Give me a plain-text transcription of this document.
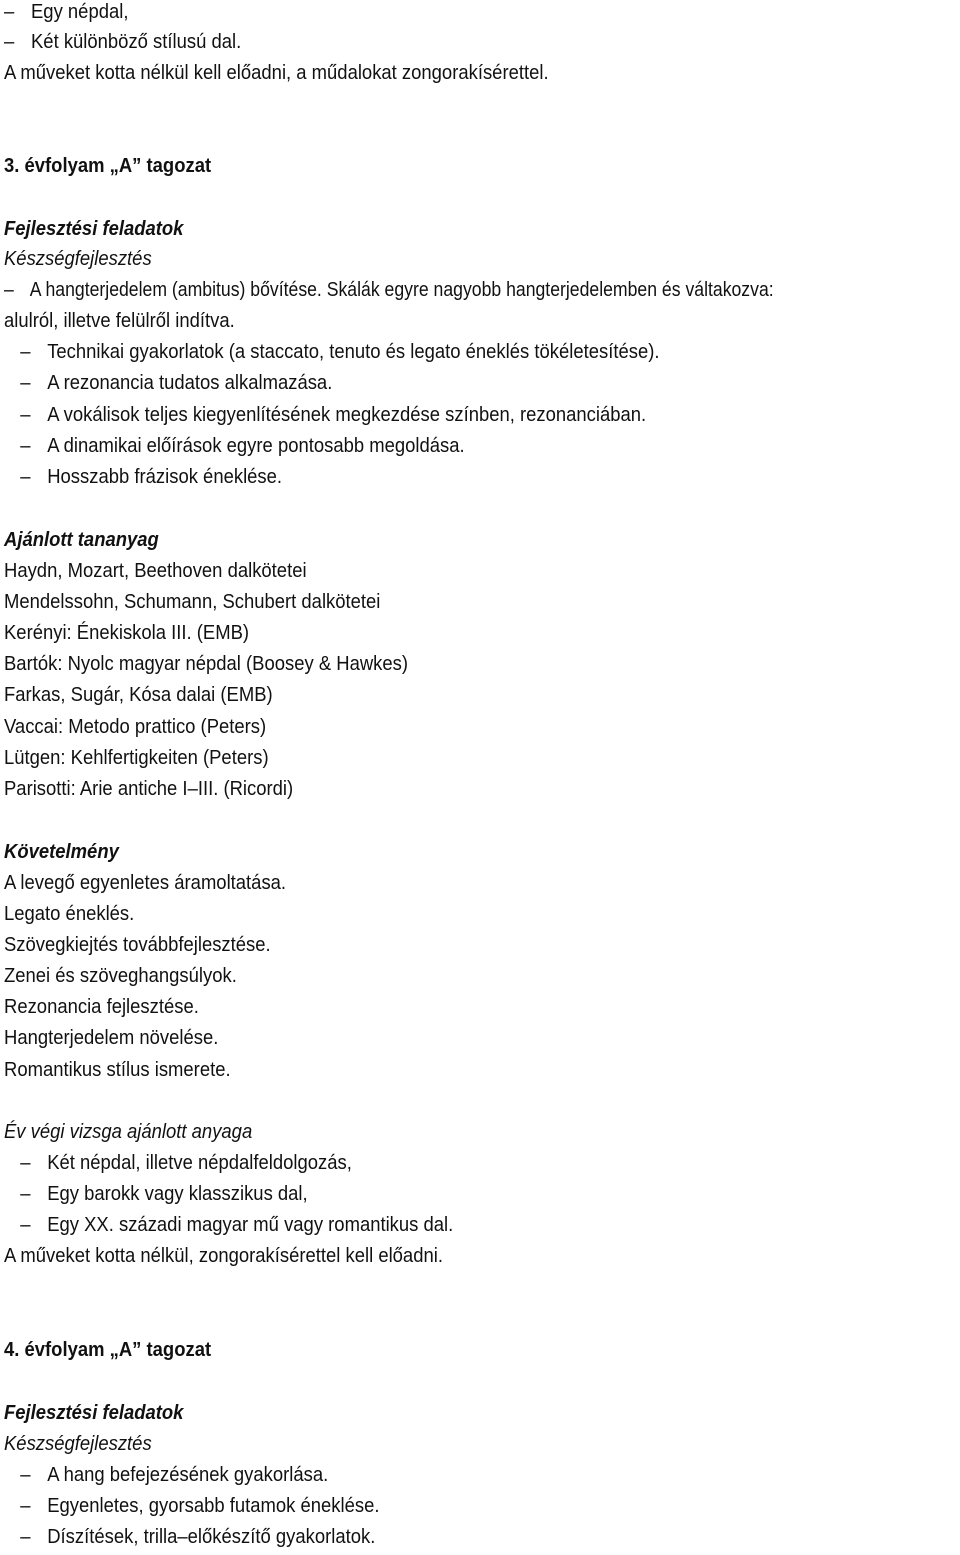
– Egy népdal,
– Két különböző stílusú dal.
A műveket kotta nélkül kell előadni, a műdalokat zongorakísérettel.
3. évfolyam „A” tagozat
Fejlesztési feladatok
Készségfejlesztés
– A hangterjedelem (ambitus) bővítése. Skálák egyre nagyobb hangterjedelemben és váltakozva:
alulról, illetve felülről indítva.
– Technikai gyakorlatok (a staccato, tenuto és legato éneklés tökéletesítése).
– A rezonancia tudatos alkalmazása.
– A vokálisok teljes kiegyenlítésének megkezdése színben, rezonanciában.
– A dinamikai előírások egyre pontosabb megoldása.
– Hosszabb frázisok éneklése.
Ajánlott tananyag
Haydn, Mozart, Beethoven dalkötetei
Mendelssohn, Schumann, Schubert dalkötetei
Kerényi: Énekiskola III. (EMB)
Bartók: Nyolc magyar népdal (Boosey & Hawkes)
Farkas, Sugár, Kósa dalai (EMB)
Vaccai: Metodo prattico (Peters)
Lütgen: Kehlfertigkeiten (Peters)
Parisotti: Arie antiche I–III. (Ricordi)
Követelmény
A levegő egyenletes áramoltatása.
Legato éneklés.
Szövegkiejtés továbbfejlesztése.
Zenei és szöveghangsúlyok.
Rezonancia fejlesztése.
Hangterjedelem növelése.
Romantikus stílus ismerete.
Év végi vizsga ajánlott anyaga
– Két népdal, illetve népdalfeldolgozás,
– Egy barokk vagy klasszikus dal,
– Egy XX. századi magyar mű vagy romantikus dal.
A műveket kotta nélkül, zongorakísérettel kell előadni.
4. évfolyam „A” tagozat
Fejlesztési feladatok
Készségfejlesztés
– A hang befejezésének gyakorlása.
– Egyenletes, gyorsabb futamok éneklése.
– Díszítések, trilla–előkészítő gyakorlatok.
